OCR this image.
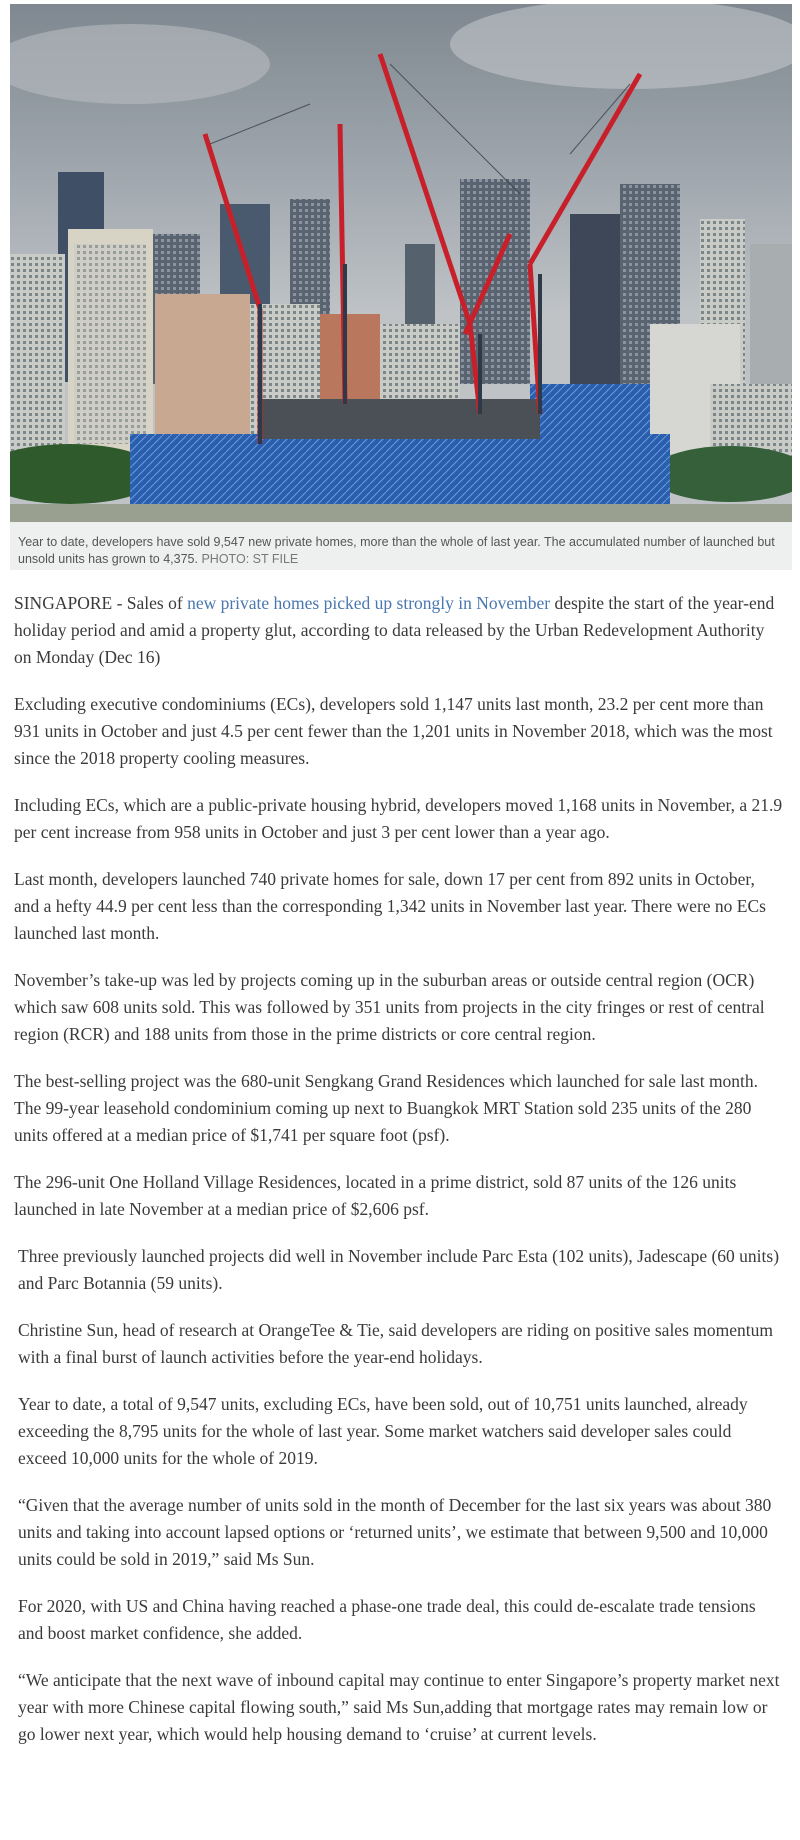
Year to date, developers have sold 9,547 new private homes, more than the whole of last year. The accumulated number of launched but unsold units has grown to 4,375. PHOTO: ST FILE

SINGAPORE - Sales of new private homes picked up strongly in November despite the start of the year-end holiday period and amid a property glut, according to data released by the Urban Redevelopment Authority on Monday (Dec 16)

Excluding executive condominiums (ECs), developers sold 1,147 units last month, 23.2 per cent more than 931 units in October and just 4.5 per cent fewer than the 1,201 units in November 2018, which was the most since the 2018 property cooling measures.

Including ECs, which are a public-private housing hybrid, developers moved 1,168 units in November, a 21.9 per cent increase from 958 units in October and just 3 per cent lower than a year ago.

Last month, developers launched 740 private homes for sale, down 17 per cent from 892 units in October, and a hefty 44.9 per cent less than the corresponding 1,342 units in November last year. There were no ECs launched last month.

November’s take-up was led by projects coming up in the suburban areas or outside central region (OCR) which saw 608 units sold. This was followed by 351 units from projects in the city fringes or rest of central region (RCR) and 188 units from those in the prime districts or core central region.

The best-selling project was the 680-unit Sengkang Grand Residences which launched for sale last month. The 99-year leasehold condominium coming up next to Buangkok MRT Station sold 235 units of the 280 units offered at a median price of $1,741 per square foot (psf).

The 296-unit One Holland Village Residences, located in a prime district, sold 87 units of the 126 units launched in late November at a median price of $2,606 psf.

Three previously launched projects did well in November include Parc Esta (102 units), Jadescape (60 units) and Parc Botannia (59 units).

Christine Sun, head of research at OrangeTee & Tie, said developers are riding on positive sales momentum with a final burst of launch activities before the year-end holidays.

Year to date, a total of 9,547 units, excluding ECs, have been sold, out of 10,751 units launched, already exceeding the 8,795 units for the whole of last year. Some market watchers said developer sales could exceed 10,000 units for the whole of 2019.

“Given that the average number of units sold in the month of December for the last six years was about 380 units and taking into account lapsed options or ‘returned units’, we estimate that between 9,500 and 10,000 units could be sold in 2019,” said Ms Sun.

For 2020, with US and China having reached a phase-one trade deal, this could de-escalate trade tensions and boost market confidence, she added.

“We anticipate that the next wave of inbound capital may continue to enter Singapore’s property market next year with more Chinese capital flowing south,” said Ms Sun,adding that mortgage rates may remain low or go lower next year, which would help housing demand to ‘cruise’ at current levels.
